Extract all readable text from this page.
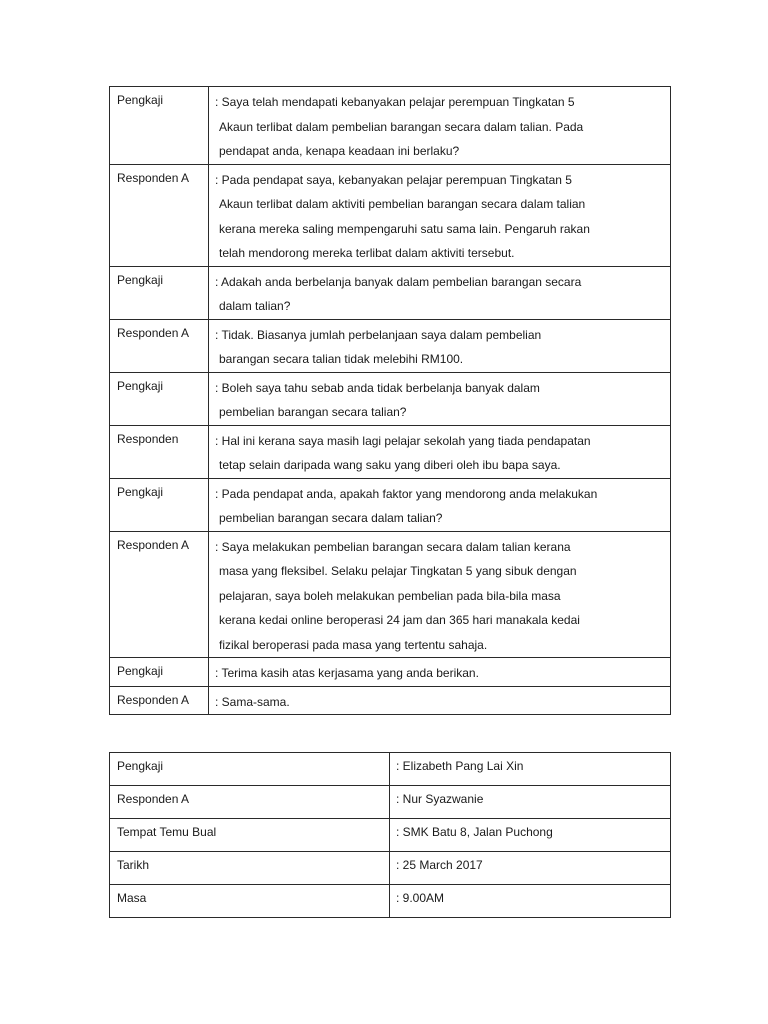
Pengkaji	: Saya telah mendapati kebanyakan pelajar perempuan Tingkatan 5

Akaun terlibat dalam pembelian barangan secara dalam talian. Pada

pendapat anda, kenapa keadaan ini berlaku?

Responden A	: Pada pendapat saya, kebanyakan pelajar perempuan Tingkatan 5

Akaun terlibat dalam aktiviti pembelian barangan secara dalam talian

kerana mereka saling mempengaruhi satu sama lain. Pengaruh rakan

telah mendorong mereka terlibat dalam aktiviti tersebut.

Pengkaji	: Adakah anda berbelanja banyak dalam pembelian barangan secara

dalam talian?

Responden A	: Tidak. Biasanya jumlah perbelanjaan saya dalam pembelian

barangan secara talian tidak melebihi RM100.

Pengkaji	: Boleh saya tahu sebab anda tidak berbelanja banyak dalam

pembelian barangan secara talian?

Responden	: Hal ini kerana saya masih lagi pelajar sekolah yang tiada pendapatan

tetap selain daripada wang saku yang diberi oleh ibu bapa saya.

Pengkaji	: Pada pendapat anda, apakah faktor yang mendorong anda melakukan

pembelian barangan secara dalam talian?

Responden A	: Saya melakukan pembelian barangan secara dalam talian kerana

masa yang fleksibel. Selaku pelajar Tingkatan 5 yang sibuk dengan

pelajaran, saya boleh melakukan pembelian pada bila-bila masa

kerana kedai online beroperasi 24 jam dan 365 hari manakala kedai

fizikal beroperasi pada masa yang tertentu sahaja.

Pengkaji	: Terima kasih atas kerjasama yang anda berikan.

Responden A	: Sama-sama.

Pengkaji	: Elizabeth Pang Lai Xin
Responden A	: Nur Syazwanie
Tempat Temu Bual	: SMK Batu 8, Jalan Puchong
Tarikh	: 25 March 2017
Masa	: 9.00AM
